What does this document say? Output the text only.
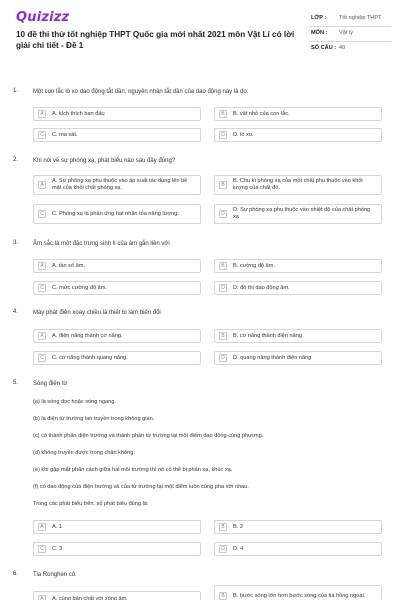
Quizizz
10 đề thi thử tốt nghiệp THPT Quốc gia mới nhất 2021 môn Vật Lí có lời giải chi tiết - Đề 1
LỚP :	Tốt nghiệp THPT
MÔN :	Vật lý
SỐ CÂU : 40
1. Một con lắc lò xo dao động tắt dần, nguyên nhân tắt dần của dao động này là do:
A	A. kích thích ban đầu	B	B. vật nhỏ của con lắc.
C	C. ma sát.	D	D. lò xo.
2. Khi nói về sự phóng xạ, phát biểu nào sau đây đúng?
A
A. Sự phóng xạ phụ thuộc vào áp suất tác dụng lên bề mặt của khối chất phóng xạ.	B
B. Chu kì phóng xạ của một chất phụ thuộc vào khối lượng của chất đó.
C	C. Phóng xạ là phản ứng hạt nhân tỏa năng lượng.	D
D. Sự phóng xạ phụ thuộc vào nhiệt độ của chất phóng xạ
3. Âm sắc là một đặc trưng sinh lí của âm gắn liền với
A	A. tần số âm.	B	B. cường độ âm.
C	C. mức cường độ âm.	D	D. đồ thị dao động âm.
4. Máy phát điện xoay chiều là thiết bị làm biến đổi
A	A. điện năng thành cơ năng.	B	B. cơ năng thành điện năng
C	C. cơ năng thành quang năng.	D	D. quang năng thành điện năng
5. Sóng điện từ
(a) là sóng dọc hoặc sóng ngang.
(b) là điện từ trường lan truyền trong không gian.
(c) có thành phần điện trường và thành phần từ trường tại một điểm dao động cùng phương.
(d) không truyền được trong chân không.
(e) khi gặp mặt phân cách giữa hai môi trường thì nó có thể bị phản xạ, khúc xạ.
(f) có dao động của điện trường và của từ trường tại một điểm luôn cùng pha với nhau.
Trong các phát biểu trên, số phát biểu đúng là:
A	A. 1	B	B. 2
C	C. 3	D	D. 4
6. Tia Ronghen có:
A	A. cùng bản chất với sóng âm.	B	B. bước sóng lớn hơn bước sóng của tia hồng ngoại.
